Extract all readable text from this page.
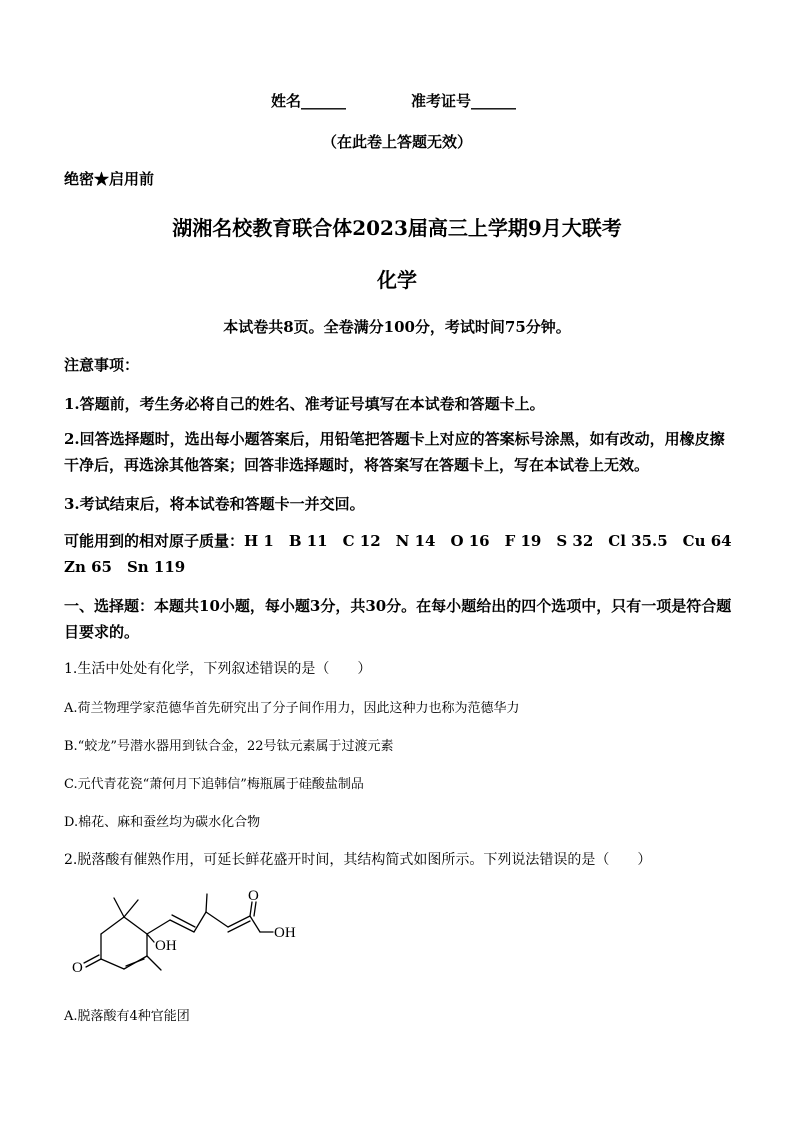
姓名______	准考证号______
（在此卷上答题无效）
绝密★启用前
湖湘名校教育联合体2023届高三上学期9月大联考
化学
本试卷共8页。全卷满分100分，考试时间75分钟。
注意事项：
1.答题前，考生务必将自己的姓名、准考证号填写在本试卷和答题卡上。
2.回答选择题时，选出每小题答案后，用铅笔把答题卡上对应的答案标号涂黑，如有改动，用橡皮擦干净后，再选涂其他答案；回答非选择题时，将答案写在答题卡上，写在本试卷上无效。
3.考试结束后，将本试卷和答题卡一并交回。
可能用到的相对原子质量：H 1　B 11　C 12　N 14　O 16　F 19　S 32　Cl 35.5　Cu 64　Zn 65　Sn 119
一、选择题：本题共10小题，每小题3分，共30分。在每小题给出的四个选项中，只有一项是符合题目要求的。
1.生活中处处有化学，下列叙述错误的是（　　）
A.荷兰物理学家范德华首先研究出了分子间作用力，因此这种力也称为范德华力
B.“蛟龙”号潜水器用到钛合金，22号钛元素属于过渡元素
C.元代青花瓷“萧何月下追韩信”梅瓶属于硅酸盐制品
D.棉花、麻和蚕丝均为碳水化合物
2.脱落酸有催熟作用，可延长鲜花盛开时间，其结构简式如图所示。下列说法错误的是（　　）
OH
O
OH
O
A.脱落酸有4种官能团
